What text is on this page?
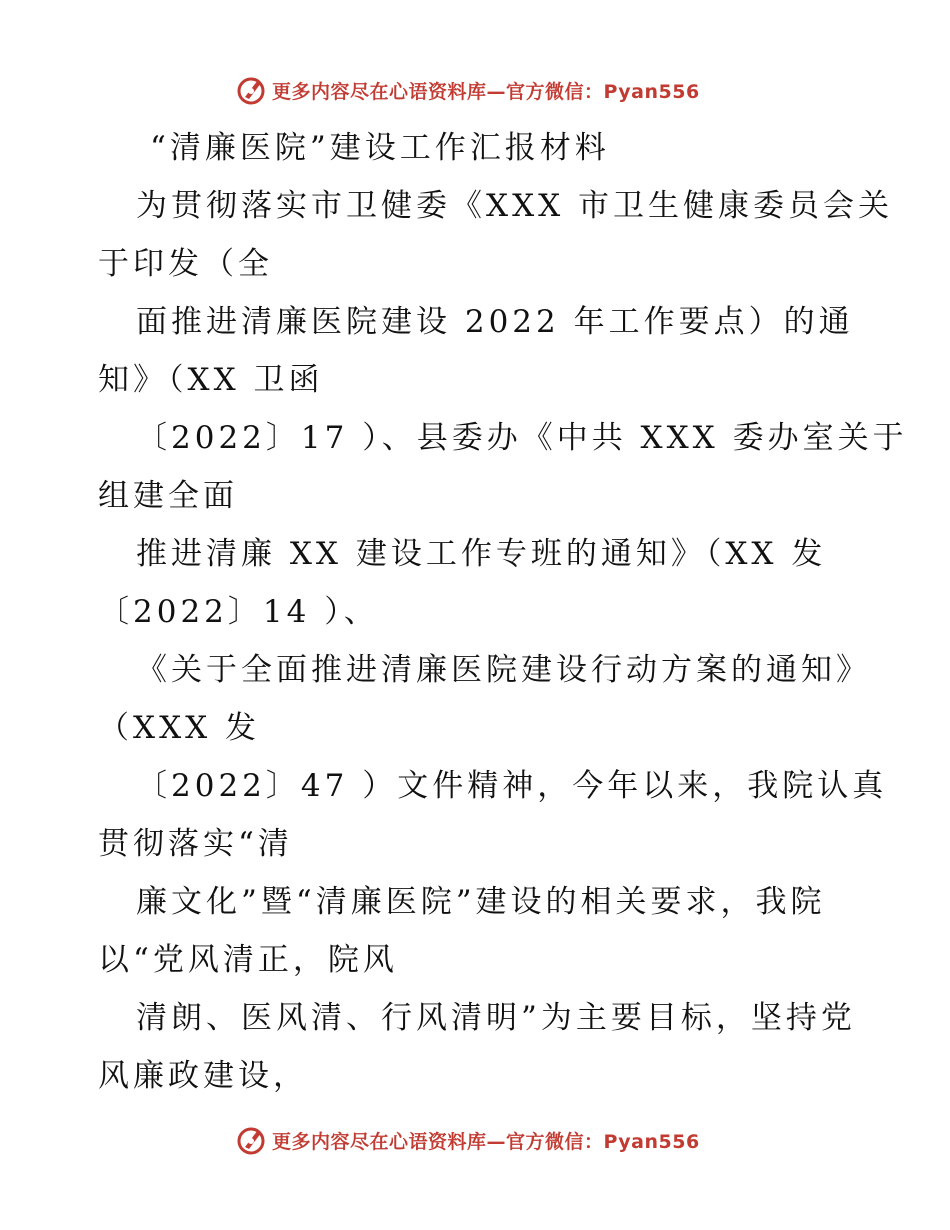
更多内容尽在心语资料库—官方微信：Pyan556
“清廉医院”建设工作汇报材料
为贯彻落实市卫健委《XXX 市卫生健康委员会关
于印发（全
面推进清廉医院建设 2022 年工作要点）的通
知》（XX 卫函
〔2022〕17 ）、县委办《中共 XXX 委办室关于
组建全面
推进清廉 XX 建设工作专班的通知》（XX 发
〔2022〕14 ）、
《关于全面推进清廉医院建设行动方案的通知》
（XXX 发
〔2022〕47 ）文件精神，今年以来，我院认真
贯彻落实“清
廉文化”暨“清廉医院”建设的相关要求，我院
以“党风清正，院风
清朗、医风清、行风清明”为主要目标，坚持党
风廉政建设，
更多内容尽在心语资料库—官方微信：Pyan556
